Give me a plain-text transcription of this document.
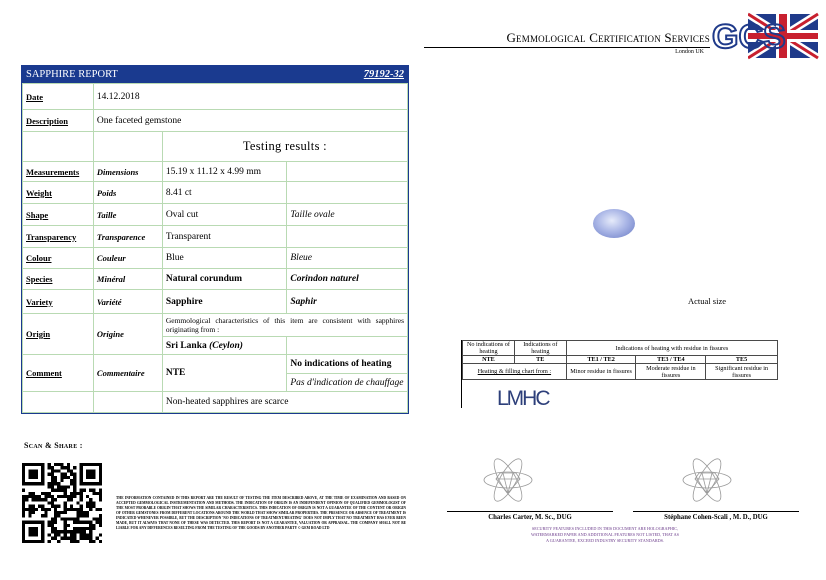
Gemmological Certification Services
London UK GCS
SAPPHIRE REPORT	79192-32
Date	14.12.2018		
Description	One faceted gemstone		
		Testing results :	
Measurements	Dimensions	15.19 x 11.12 x 4.99 mm	
Weight	Poids	8.41 ct	
Shape	Taille	Oval cut	Taille ovale
Transparency	Transparence	Transparent	
Colour	Couleur	Blue	Bleue
Species	Minéral	Natural corundum	Corindon naturel
Variety	Variété	Sapphire	Saphir
Origin	Origine	Gemmological characteristics of this item are consistent with sapphires originating from :	
		Sri Lanka (Ceylon)	
Comment	Commentaire	NTE	No indications of heating
			Pas d'indication de chauffage
		Non-heated sapphires are scarce	
Actual size
No indications of heating	Indications of heating	Indications of heating with residue in fissures		
NTE	TE	TE1 / TE2	TE3 / TE4	TE5
Heating & filling chart from :		Minor residue in fissures	Moderate residue in fissures	Significant residue in fissures
LMHC
Scan & Share :
THE INFORMATION CONTAINED IN THIS REPORT ARE THE RESULT OF TESTING THE ITEM DESCRIBED ABOVE, AT THE TIME OF EXAMINATION AND BASED ON ACCEPTED GEMMOLOGICAL INSTRUMENTATION AND METHODS. THE INDICATION OF ORIGIN IS AN INDEPENDENT OPINION OF QUALIFIED GEMMOLOGIST OF THE MOST PROBABLE ORIGIN THAT SHOWS THE SIMILAR CHARACTERISTICS. THIS INDICATION OF ORIGIN IS NOT A GUARANTEE OF THE CONTENT OR ORIGIN OF OTHER GEMSTONES FROM DIFFERENT LOCATIONS AROUND THE WORLD THAT SHOW SIMILAR PROPERTIES. THE PRESENCE OR ABSENCE OF TREATMENT IS INDICATED WHENEVER POSSIBLE, BUT THE DESCRIPTION 'NO INDICATIONS OF TREATMENT/HEATING' DOES NOT IMPLY THAT NO TREATMENT HAS EVER BEEN MADE, BUT IT ALWAYS THAT NONE OF THESE WAS DETECTED. THIS REPORT IS NOT A GUARANTEE, VALUATION OR APPRAISAL. THE COMPANY SHALL NOT BE LIABLE FOR ANY DIFFERENCES RESULTING FROM THE TESTING OF THE GOODS BY ANOTHER PARTY © GEM ROAD LTD
Charles Carter, M. Sc., DUG	Stéphane Cohen-Scali , M. D., DUG
SECURITY FEATURES INCLUDED IN THIS DOCUMENT ARE HOLOGRAPHIC, WATERMARKED PAPER AND ADDITIONAL FEATURES NOT LISTED, THAT AS A GUARANTEE, EXCEED INDUSTRY SECURITY STANDARDS.
